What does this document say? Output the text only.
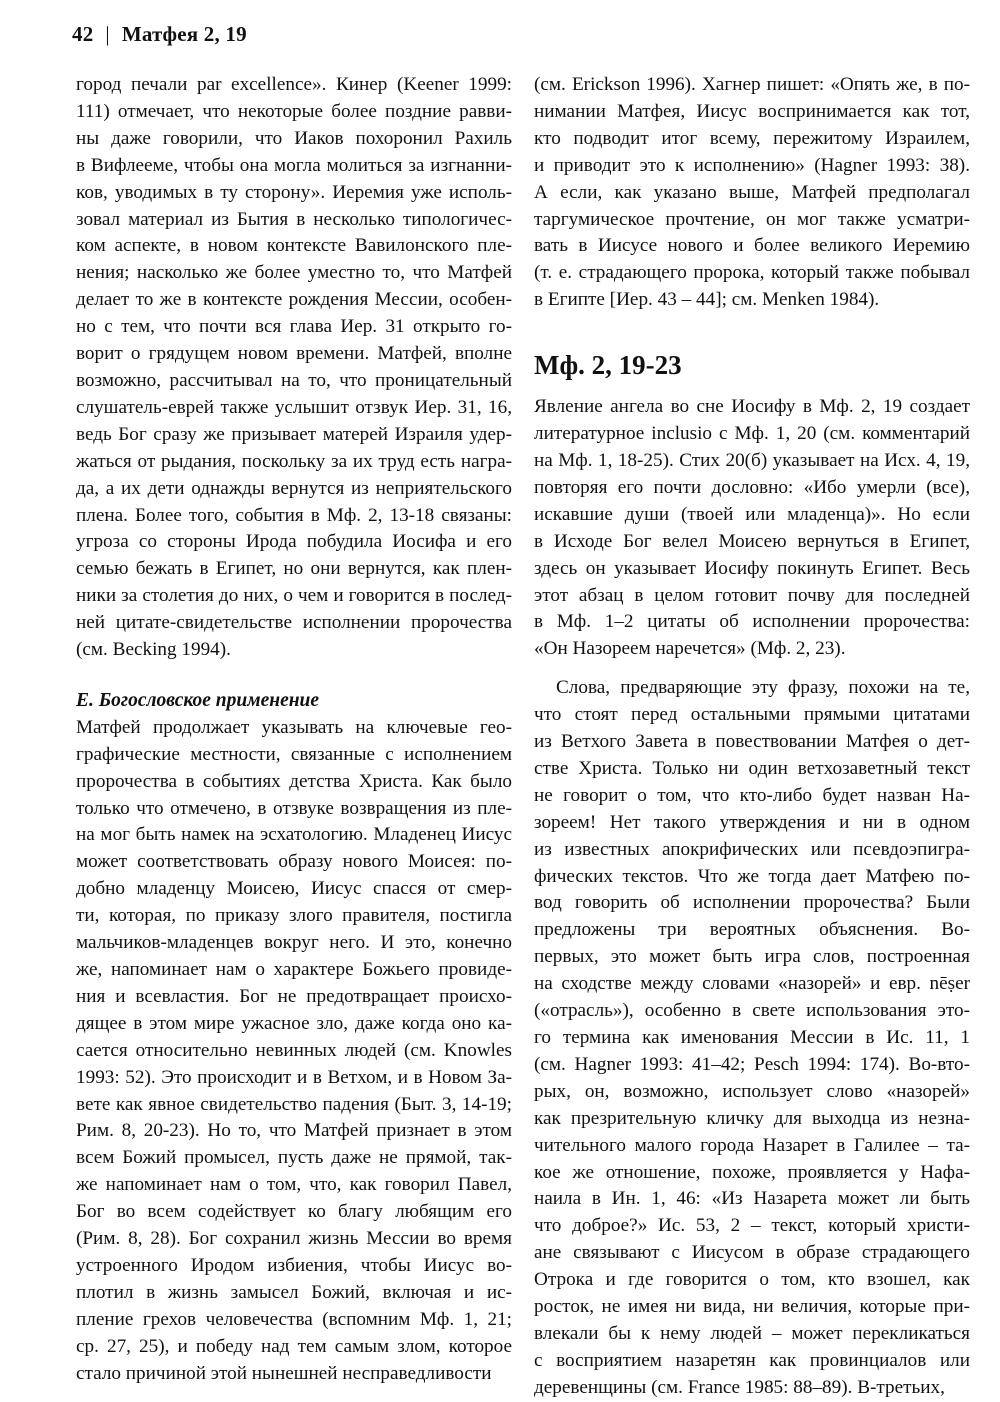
42 | Матфея 2, 19

город печали par excellence». Кинер (Keener 1999:

111) отмечает, что некоторые более поздние равви-

ны даже говорили, что Иаков похоронил Рахиль

в Вифлееме, чтобы она могла молиться за изгнанни-

ков, уводимых в ту сторону». Иеремия уже исполь-

зовал материал из Бытия в несколько типологичес-

ком аспекте, в новом контексте Вавилонского пле-

нения; насколько же более уместно то, что Матфей

делает то же в контексте рождения Мессии, особен-

но с тем, что почти вся глава Иер. 31 открыто го-

ворит о грядущем новом времени. Матфей, вполне

возможно, рассчитывал на то, что проницательный

слушатель-еврей также услышит отзвук Иер. 31, 16,

ведь Бог сразу же призывает матерей Израиля удер-

жаться от рыдания, поскольку за их труд есть награ-

да, а их дети однажды вернутся из неприятельского

плена. Более того, события в Мф. 2, 13-18 связаны:

угроза со стороны Ирода побудила Иосифа и его

семью бежать в Египет, но они вернутся, как плен-

ники за столетия до них, о чем и говорится в послед-

ней цитате-свидетельстве исполнении пророчества

(см. Becking 1994).

E. Богословское применение

Матфей продолжает указывать на ключевые гео-

графические местности, связанные с исполнением

пророчества в событиях детства Христа. Как было

только что отмечено, в отзвуке возвращения из пле-

на мог быть намек на эсхатологию. Младенец Иисус

может соответствовать образу нового Моисея: по-

добно младенцу Моисею, Иисус спасся от смер-

ти, которая, по приказу злого правителя, постигла

мальчиков-младенцев вокруг него. И это, конечно

же, напоминает нам о характере Божьего провиде-

ния и всевластия. Бог не предотвращает происхо-

дящее в этом мире ужасное зло, даже когда оно ка-

сается относительно невинных людей (см. Knowles

1993: 52). Это происходит и в Ветхом, и в Новом За-

вете как явное свидетельство падения (Быт. 3, 14-19;

Рим. 8, 20-23). Но то, что Матфей признает в этом

всем Божий промысел, пусть даже не прямой, так-

же напоминает нам о том, что, как говорил Павел,

Бог во всем содействует ко благу любящим его

(Рим. 8, 28). Бог сохранил жизнь Мессии во время

устроенного Иродом избиения, чтобы Иисус во-

плотил в жизнь замысел Божий, включая и ис-

пление грехов человечества (вспомним Мф. 1, 21;

ср. 27, 25), и победу над тем самым злом, которое

стало причиной этой нынешней несправедливости

(см. Erickson 1996). Хагнер пишет: «Опять же, в по-

нимании Матфея, Иисус воспринимается как тот,

кто подводит итог всему, пережитому Израилем,

и приводит это к исполнению» (Hagner 1993: 38).

А если, как указано выше, Матфей предполагал

таргумическое прочтение, он мог также усматри-

вать в Иисусе нового и более великого Иеремию

(т. е. страдающего пророка, который также побывал

в Египте [Иер. 43 – 44]; см. Menken 1984).

Мф. 2, 19-23

Явление ангела во сне Иосифу в Мф. 2, 19 создает

литературное inclusio с Мф. 1, 20 (см. комментарий

на Мф. 1, 18-25). Стих 20(б) указывает на Исх. 4, 19,

повторяя его почти дословно: «Ибо умерли (все),

искавшие души (твоей или младенца)». Но если

в Исходе Бог велел Моисею вернуться в Египет,

здесь он указывает Иосифу покинуть Египет. Весь

этот абзац в целом готовит почву для последней

в Мф. 1–2 цитаты об исполнении пророчества:

«Он Назореем наречется» (Мф. 2, 23).

Слова, предваряющие эту фразу, похожи на те,

что стоят перед остальными прямыми цитатами

из Ветхого Завета в повествовании Матфея о дет-

стве Христа. Только ни один ветхозаветный текст

не говорит о том, что кто-либо будет назван На-

зореем! Нет такого утверждения и ни в одном

из известных апокрифических или псевдоэпигра-

фических текстов. Что же тогда дает Матфею по-

вод говорить об исполнении пророчества? Были

предложены три вероятных объяснения. Во-

первых, это может быть игра слов, построенная

на сходстве между словами «назорей» и евр. nēṣer

(«отрасль»), особенно в свете использования это-

го термина как именования Мессии в Ис. 11, 1

(см. Hagner 1993: 41–42; Pesch 1994: 174). Во-вто-

рых, он, возможно, использует слово «назорей»

как презрительную кличку для выходца из незна-

чительного малого города Назарет в Галилее – та-

кое же отношение, похоже, проявляется у Нафа-

наила в Ин. 1, 46: «Из Назарета может ли быть

что доброе?» Ис. 53, 2 – текст, который христи-

ане связывают с Иисусом в образе страдающего

Отрока и где говорится о том, кто взошел, как

росток, не имея ни вида, ни величия, которые при-

влекали бы к нему людей – может перекликаться

с восприятием назаретян как провинциалов или

деревенщины (см. France 1985: 88–89). В-третьих,
